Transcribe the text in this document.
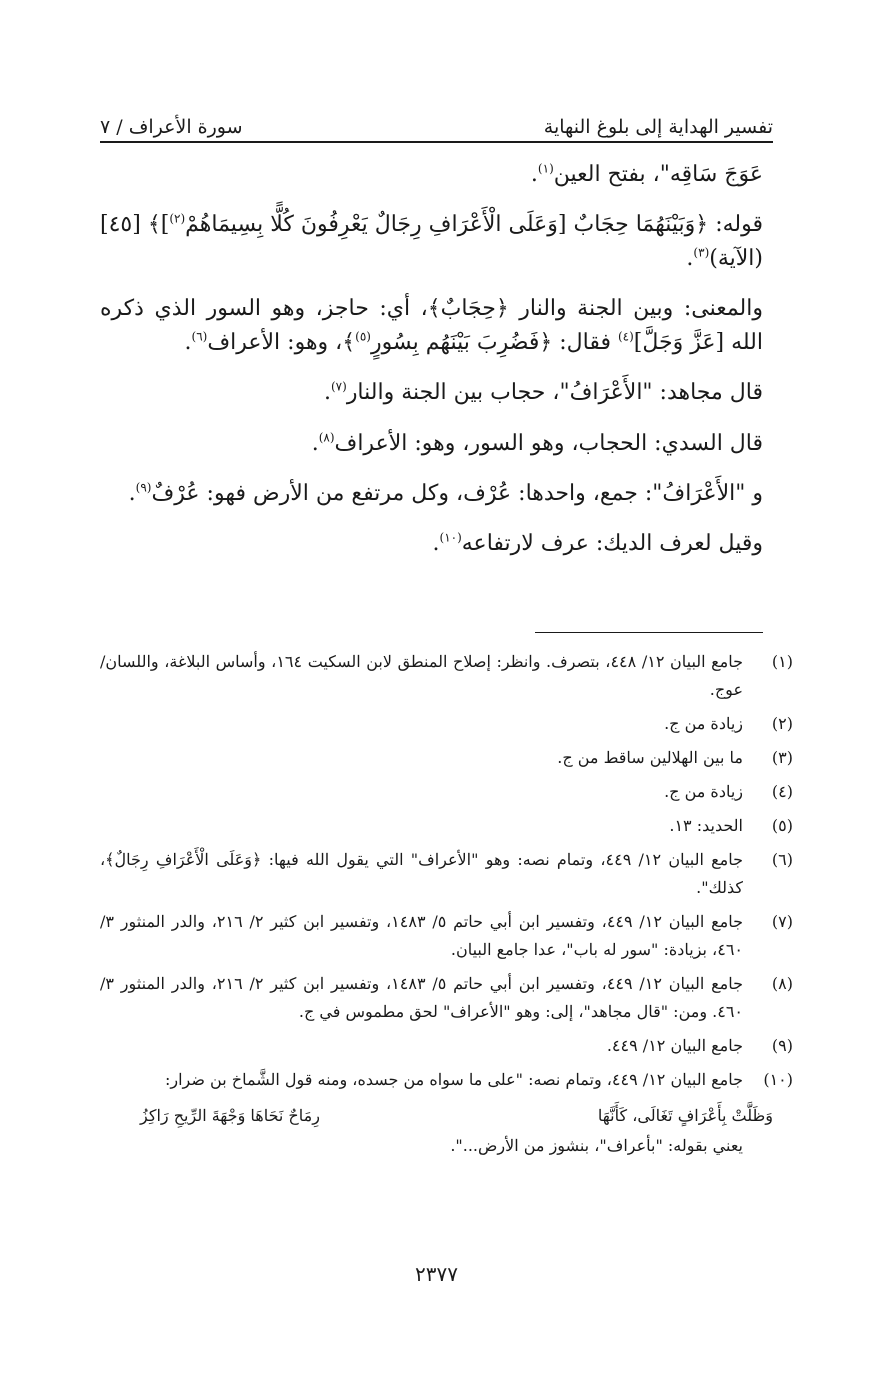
سورة الأعراف / ٧	تفسير الهداية إلى بلوغ النهاية

عَوَجَ سَاقِه"، بفتح العين$^{(١)}$.

قوله: ﴿وَبَيْنَهُمَا حِجَابٌ [وَعَلَى الْأَعْرَافِ رِجَالٌ يَعْرِفُونَ كُلًّا بِسِيمَاهُمْ$^{(٢)}$]﴾ [٤٥] (الآية)$^{(٣)}$.

والمعنى: وبين الجنة والنار ﴿حِجَابٌ﴾، أي: حاجز، وهو السور الذي ذكره الله [عَزَّ وَجَلَّ]$^{(٤)}$ فقال: ﴿فَضُرِبَ بَيْنَهُم بِسُورٍ$^{(٥)}$﴾، وهو: الأعراف$^{(٦)}$.

قال مجاهد: "الأَعْرَافُ"، حجاب بين الجنة والنار$^{(٧)}$.

قال السدي: الحجاب، وهو السور، وهو: الأعراف$^{(٨)}$.

و "الأَعْرَافُ": جمع، واحدها: عُرْف، وكل مرتفع من الأرض فهو: عُرْفٌ$^{(٩)}$.

وقيل لعرف الديك: عرف لارتفاعه$^{(١٠)}$.

(١)
جامع البيان ١٢/ ٤٤٨، بتصرف. وانظر: إصلاح المنطق لابن السكيت ١٦٤، وأساس البلاغة، واللسان/ عوج.
(٢)
زيادة من ج.
(٣)
ما بين الهلالين ساقط من ج.
(٤)
زيادة من ج.
(٥)
الحديد: ١٣.
(٦)
جامع البيان ١٢/ ٤٤٩، وتمام نصه: وهو "الأعراف" التي يقول الله فيها: ﴿وَعَلَى الْأَعْرَافِ رِجَالٌ﴾، كذلك".
(٧)
جامع البيان ١٢/ ٤٤٩، وتفسير ابن أبي حاتم ٥/ ١٤٨٣، وتفسير ابن كثير ٢/ ٢١٦، والدر المنثور ٣/ ٤٦٠، بزيادة: "سور له باب"، عدا جامع البيان.
(٨)
جامع البيان ١٢/ ٤٤٩، وتفسير ابن أبي حاتم ٥/ ١٤٨٣، وتفسير ابن كثير ٢/ ٢١٦، والدر المنثور ٣/ ٤٦٠. ومن: "قال مجاهد"، إلى: وهو "الأعراف" لحق مطموس في ج.
(٩)
جامع البيان ١٢/ ٤٤٩.
(١٠)
جامع البيان ١٢/ ٤٤٩، وتمام نصه: "على ما سواه من جسده، ومنه قول الشَّماخ بن ضرار:
وَظَلَّتْ بِأَعْرَافٍ تَغَالَى، كَأَنَّهَا
رِمَاحٌ نَحَاهَا وَجْهَةَ الرِّيحِ رَاكِزُ
يعني بقوله: "بأعراف"، بنشوز من الأرض...".
٢٣٧٧
